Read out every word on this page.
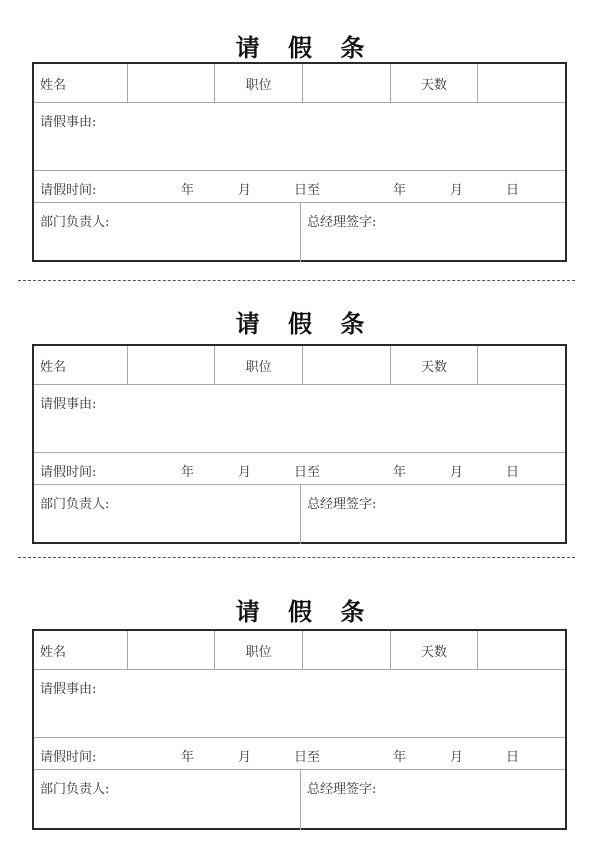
请 假 条
姓名	职位	天数
请假事由:
请假时间:	年	月	日至	年	月	日
部门负责人:	总经理签字:
请 假 条
姓名	职位	天数
请假事由:
请假时间:	年	月	日至	年	月	日
部门负责人:	总经理签字:
请 假 条
姓名	职位	天数
请假事由:
请假时间:	年	月	日至	年	月	日
部门负责人:	总经理签字:
